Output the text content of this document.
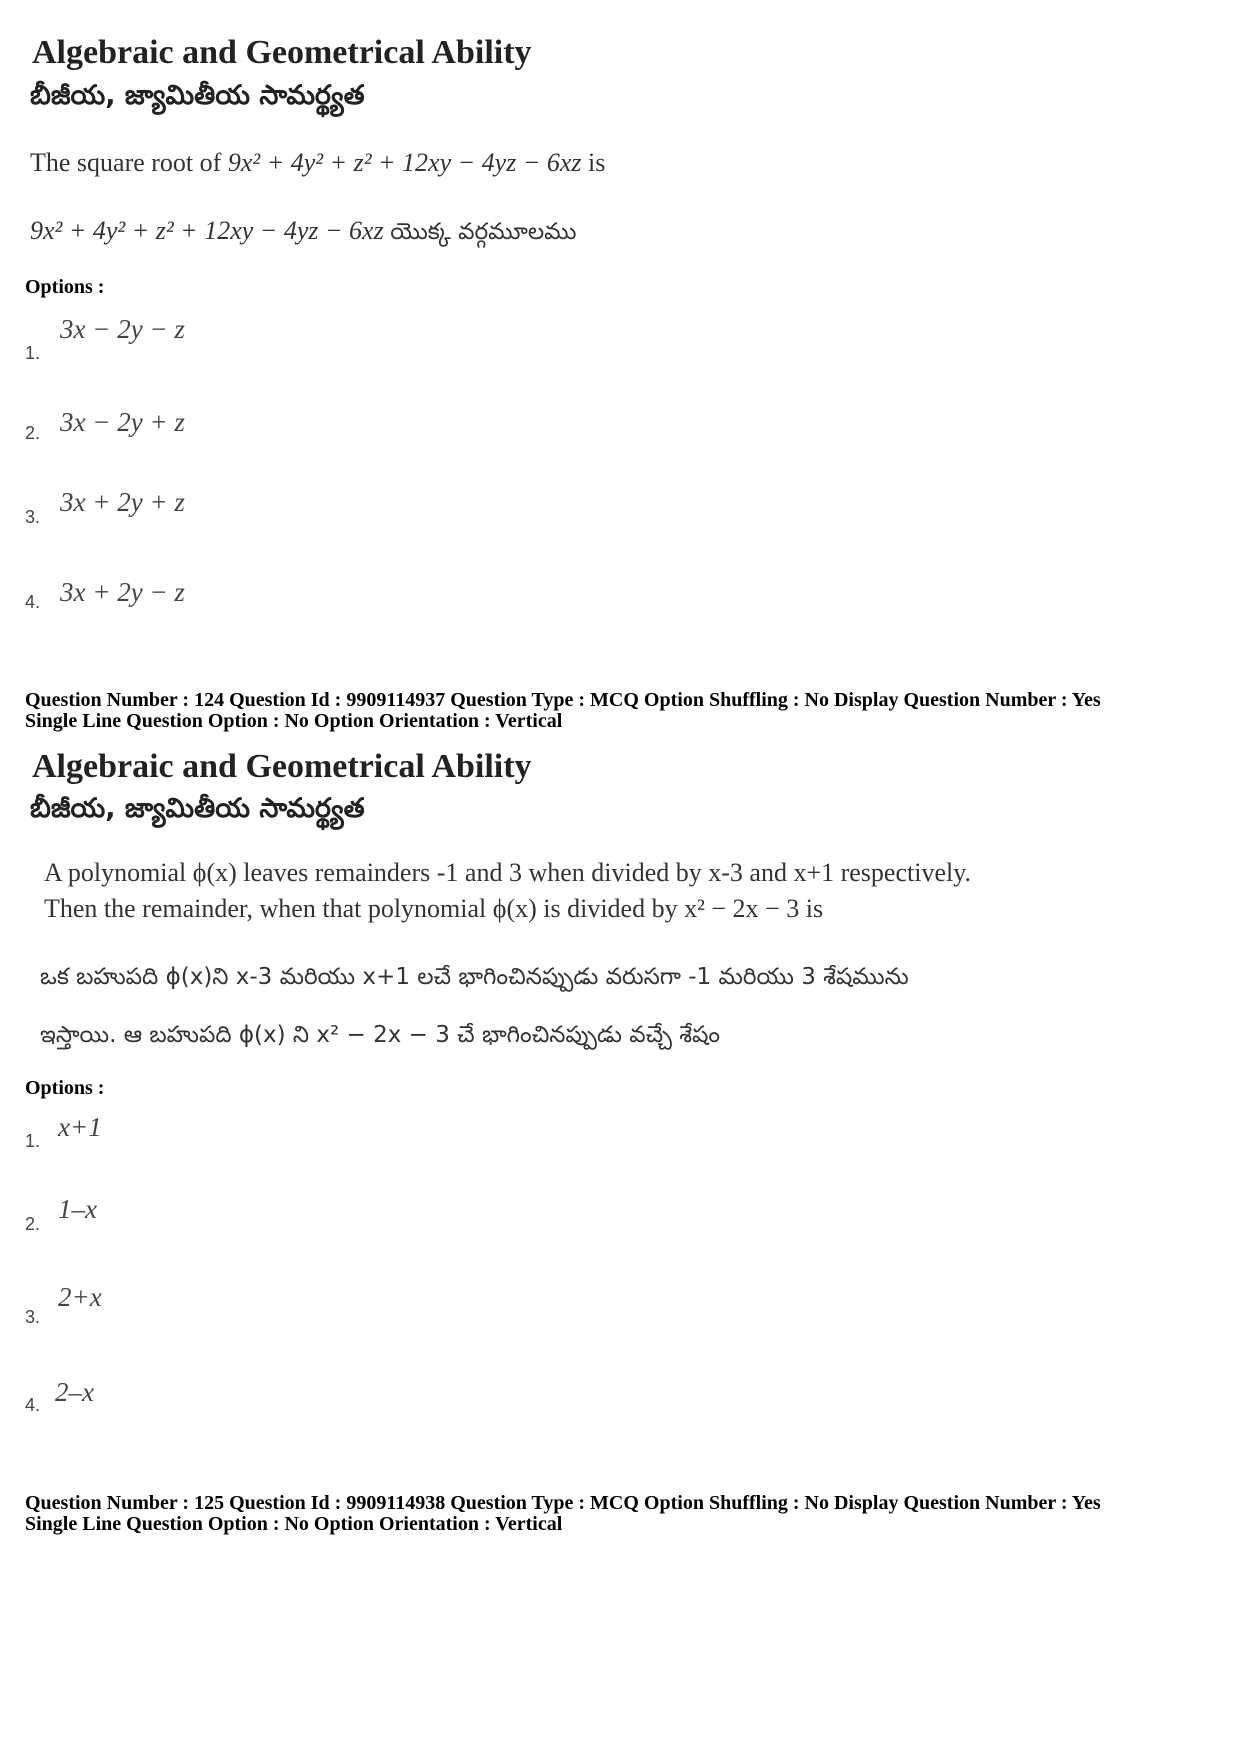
Algebraic and Geometrical Ability
బీజీయ, జ్యామితీయ సామర్థ్యత
The square root of 9x² + 4y² + z² + 12xy − 4yz − 6xz is
9x² + 4y² + z² + 12xy − 4yz − 6xz యొక్క వర్గమూలము
Options :
1.
3x − 2y − z
2. 3x − 2y + z
3. 3x + 2y + z
4. 3x + 2y − z
Question Number : 124 Question Id : 9909114937 Question Type : MCQ Option Shuffling : No Display Question Number : Yes
Single Line Question Option : No Option Orientation : Vertical
Algebraic and Geometrical Ability
బీజీయ, జ్యామితీయ సామర్థ్యత
A polynomial ϕ(x) leaves remainders -1 and 3 when divided by x-3 and x+1 respectively.
Then the remainder, when that polynomial ϕ(x) is divided by x² − 2x − 3 is
ఒక బహుపది ϕ(x)ని x-3 మరియు x+1 లచే భాగించినప్పుడు వరుసగా -1 మరియు 3 శేషమును
ఇస్తాయి. ఆ బహుపది ϕ(x) ని x² − 2x − 3 చే భాగించినప్పుడు వచ్చే శేషం
Options :
1. x+1
2. 1–x
3.
2+x
4. 2–x
Question Number : 125 Question Id : 9909114938 Question Type : MCQ Option Shuffling : No Display Question Number : Yes
Single Line Question Option : No Option Orientation : Vertical
